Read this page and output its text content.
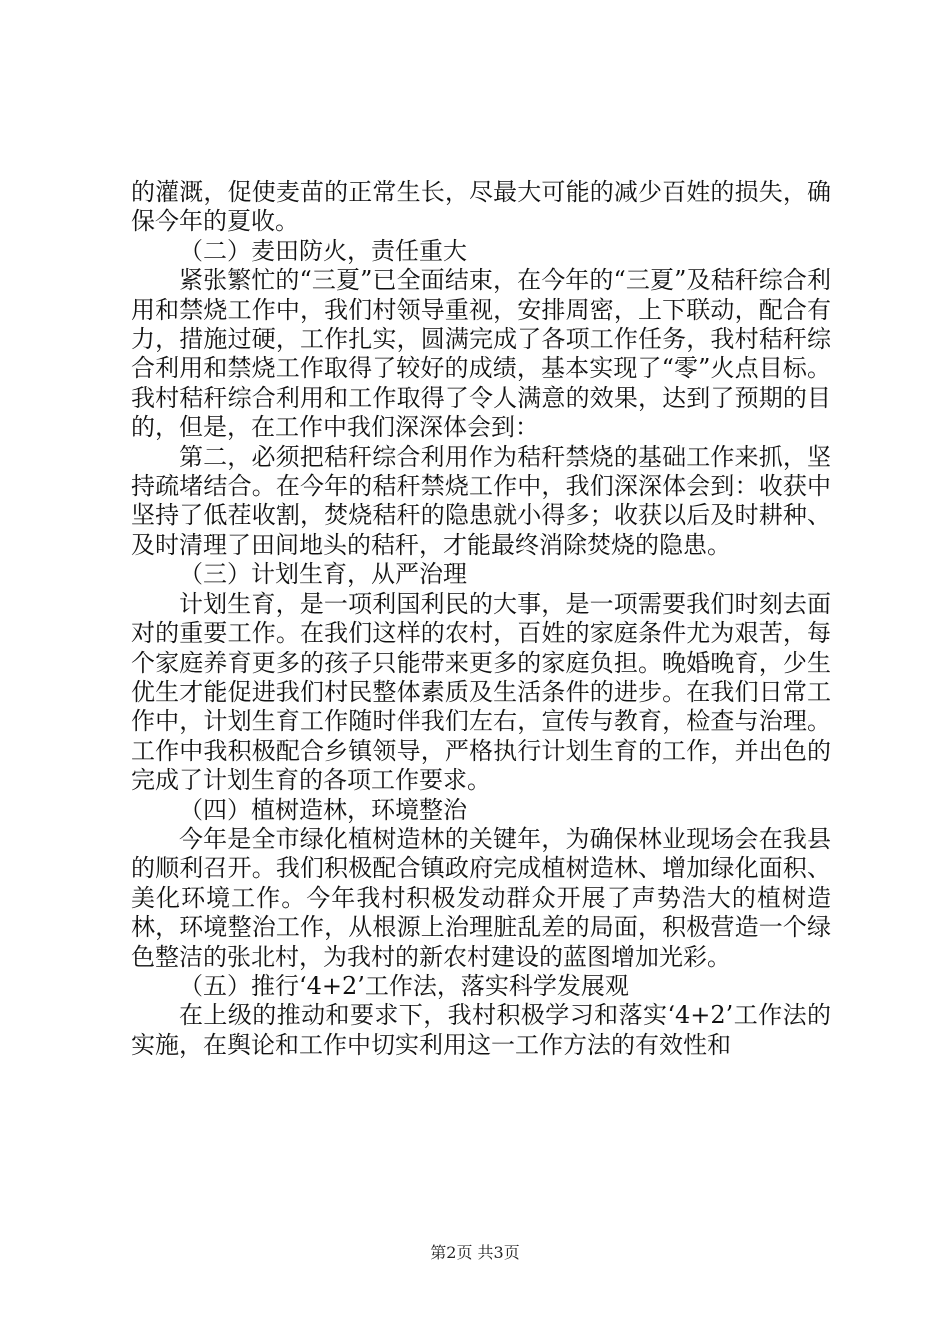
的灌溉，促使麦苗的正常生长，尽最大可能的减少百姓的损失，确保今年的夏收。

（二）麦田防火，责任重大

紧张繁忙的“三夏”已全面结束，在今年的“三夏”及秸秆综合利用和禁烧工作中，我们村领导重视，安排周密，上下联动，配合有力，措施过硬，工作扎实，圆满完成了各项工作任务，我村秸秆综合利用和禁烧工作取得了较好的成绩，基本实现了“零”火点目标。我村秸秆综合利用和工作取得了令人满意的效果，达到了预期的目的，但是，在工作中我们深深体会到：

第二，必须把秸秆综合利用作为秸秆禁烧的基础工作来抓，坚持疏堵结合。在今年的秸秆禁烧工作中，我们深深体会到：收获中坚持了低茬收割，焚烧秸秆的隐患就小得多；收获以后及时耕种、及时清理了田间地头的秸秆，才能最终消除焚烧的隐患。

（三）计划生育，从严治理

计划生育，是一项利国利民的大事，是一项需要我们时刻去面对的重要工作。在我们这样的农村，百姓的家庭条件尤为艰苦，每个家庭养育更多的孩子只能带来更多的家庭负担。晚婚晚育，少生优生才能促进我们村民整体素质及生活条件的进步。在我们日常工作中，计划生育工作随时伴我们左右，宣传与教育，检查与治理。工作中我积极配合乡镇领导，严格执行计划生育的工作，并出色的完成了计划生育的各项工作要求。

（四）植树造林，环境整治

今年是全市绿化植树造林的关键年，为确保林业现场会在我县的顺利召开。我们积极配合镇政府完成植树造林、增加绿化面积、美化环境工作。今年我村积极发动群众开展了声势浩大的植树造林，环境整治工作，从根源上治理脏乱差的局面，积极营造一个绿色整洁的张北村，为我村的新农村建设的蓝图增加光彩。

（五）推行‘4+2’工作法，落实科学发展观

在上级的推动和要求下，我村积极学习和落实‘4+2’工作法的实施，在舆论和工作中切实利用这一工作方法的有效性和

第2页 共3页
